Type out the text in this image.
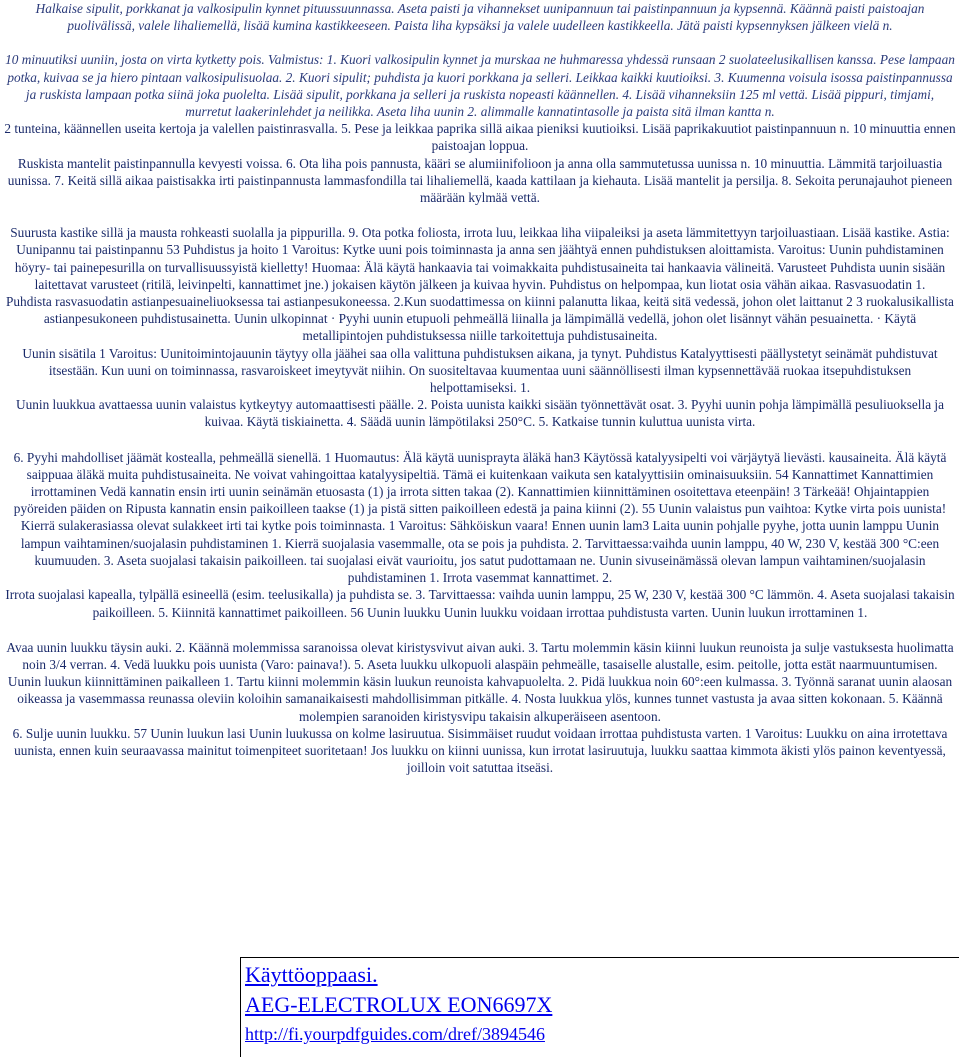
Halkaise sipulit, porkkanat ja valkosipulin kynnet pituussuunnassa. Aseta paisti ja vihannekset uunipannuun tai paistinpannuun ja kypsennä. Käännä paisti paistoajan puolivälissä, valele lihaliemellä, lisää kumina kastikkeeseen. Paista liha kypsäksi ja valele uudelleen kastikkeella. Jätä paisti kypsennyksen jälkeen vielä n.

10 minuutiksi uuniin, josta on virta kytketty pois. Valmistus: 1. Kuori valkosipulin kynnet ja murskaa ne huhmaressa yhdessä runsaan 2 suolateelusikallisen kanssa. Pese lampaan potka, kuivaa se ja hiero pintaan valkosipulisuolaa. 2. Kuori sipulit; puhdista ja kuori porkkana ja selleri. Leikkaa kaikki kuutioiksi. 3. Kuumenna voisula isossa paistinpannussa ja ruskista lampaan potka siinä joka puolelta. Lisää sipulit, porkkana ja selleri ja ruskista nopeasti käännellen. 4. Lisää vihanneksiin 125 ml vettä. Lisää pippuri, timjami, murretut laakerinlehdet ja neilikka. Aseta liha uunin 2. alimmalle kannatintasolle ja paista sitä ilman kantta n.

2 tunteina, käännellen useita kertoja ja valellen paistinrasvalla. 5. Pese ja leikkaa paprika sillä aikaa pieniksi kuutioiksi. Lisää paprikakuutiot paistinpannuun n. 10 minuuttia ennen paistoajan loppua.

Ruskista mantelit paistinpannulla kevyesti voissa. 6. Ota liha pois pannusta, kääri se alumiinifolioon ja anna olla sammutetussa uunissa n. 10 minuuttia. Lämmitä tarjoiluastia uunissa. 7. Keitä sillä aikaa paistisakka irti paistinpannusta lammasfondilla tai lihaliemellä, kaada kattilaan ja kiehauta. Lisää mantelit ja persilja. 8. Sekoita perunajauhot pieneen määrään kylmää vettä.

Suurusta kastike sillä ja mausta rohkeasti suolalla ja pippurilla. 9. Ota potka foliosta, irrota luu, leikkaa liha viipaleiksi ja aseta lämmitettyyn tarjoiluastiaan. Lisää kastike. Astia: Uunipannu tai paistinpannu 53 Puhdistus ja hoito 1 Varoitus: Kytke uuni pois toiminnasta ja anna sen jäähtyä ennen puhdistuksen aloittamista. Varoitus: Uunin puhdistaminen höyry- tai painepesurilla on turvallisuussyistä kielletty! Huomaa: Älä käytä hankaavia tai voimakkaita puhdistusaineita tai hankaavia välineitä. Varusteet Puhdista uunin sisään laitettavat varusteet (ritilä, leivinpelti, kannattimet jne.) jokaisen käytön jälkeen ja kuivaa hyvin. Puhdistus on helpompaa, kun liotat osia vähän aikaa. Rasvasuodatin 1.

Puhdista rasvasuodatin astianpesuaineliuoksessa tai astianpesukoneessa. 2.Kun suodattimessa on kiinni palanutta likaa, keitä sitä vedessä, johon olet laittanut 2 3 ruokalusikallista astianpesukoneen puhdistusainetta. Uunin ulkopinnat · Pyyhi uunin etupuoli pehmeällä liinalla ja lämpimällä vedellä, johon olet lisännyt vähän pesuainetta. · Käytä metallipintojen puhdistuksessa niille tarkoitettuja puhdistusaineita.

Uunin sisätila 1 Varoitus: Uunitoimintojauunin täytyy olla jäähei saa olla valittuna puhdistuksen aikana, ja tynyt. Puhdistus Katalyyttisesti päällystetyt seinämät puhdistuvat itsestään. Kun uuni on toiminnassa, rasvaroiskeet imeytyvät niihin. On suositeltavaa kuumentaa uuni säännöllisesti ilman kypsennettävää ruokaa itsepuhdistuksen helpottamiseksi. 1.

Uunin luukkua avattaessa uunin valaistus kytkeytyy automaattisesti päälle. 2. Poista uunista kaikki sisään työnnettävät osat. 3. Pyyhi uunin pohja lämpimällä pesuliuoksella ja kuivaa. Käytä tiskiainetta. 4. Säädä uunin lämpötilaksi 250°C. 5. Katkaise tunnin kuluttua uunista virta.

6. Pyyhi mahdolliset jäämät kostealla, pehmeällä sienellä. 1 Huomautus: Älä käytä uunisprayta äläkä han3 Käytössä katalyysipelti voi värjäytyä lievästi. kausaineita. Älä käytä saippuaa äläkä muita puhdistusaineita. Ne voivat vahingoittaa katalyysipeltiä. Tämä ei kuitenkaan vaikuta sen katalyyttisiin ominaisuuksiin. 54 Kannattimet Kannattimien irrottaminen Vedä kannatin ensin irti uunin seinämän etuosasta (1) ja irrota sitten takaa (2). Kannattimien kiinnittäminen osoitettava eteenpäin! 3 Tärkeää! Ohjaintappien pyöreiden päiden on Ripusta kannatin ensin paikoilleen taakse (1) ja pistä sitten paikoilleen edestä ja paina kiinni (2). 55 Uunin valaistus pun vaihtoa: Kytke virta pois uunista! Kierrä sulakerasiassa olevat sulakkeet irti tai kytke pois toiminnasta. 1 Varoitus: Sähköiskun vaara! Ennen uunin lam3 Laita uunin pohjalle pyyhe, jotta uunin lamppu Uunin lampun vaihtaminen/suojalasin puhdistaminen 1. Kierrä suojalasia vasemmalle, ota se pois ja puhdista. 2. Tarvittaessa:vaihda uunin lamppu, 40 W, 230 V, kestää 300 °C:een kuumuuden. 3. Aseta suojalasi takaisin paikoilleen. tai suojalasi eivät vaurioitu, jos satut pudottamaan ne. Uunin sivuseinämässä olevan lampun vaihtaminen/suojalasin puhdistaminen 1. Irrota vasemmat kannattimet. 2.

Irrota suojalasi kapealla, tylpällä esineellä (esim. teelusikalla) ja puhdista se. 3. Tarvittaessa: vaihda uunin lamppu, 25 W, 230 V, kestää 300 °C lämmön. 4. Aseta suojalasi takaisin paikoilleen. 5. Kiinnitä kannattimet paikoilleen. 56 Uunin luukku Uunin luukku voidaan irrottaa puhdistusta varten. Uunin luukun irrottaminen 1.

Avaa uunin luukku täysin auki. 2. Käännä molemmissa saranoissa olevat kiristysvivut aivan auki. 3. Tartu molemmin käsin kiinni luukun reunoista ja sulje vastuksesta huolimatta noin 3/4 verran. 4. Vedä luukku pois uunista (Varo: painava!). 5. Aseta luukku ulkopuoli alaspäin pehmeälle, tasaiselle alustalle, esim. peitolle, jotta estät naarmuuntumisen.

Uunin luukun kiinnittäminen paikalleen 1. Tartu kiinni molemmin käsin luukun reunoista kahvapuolelta. 2. Pidä luukkua noin 60°:een kulmassa. 3. Työnnä saranat uunin alaosan oikeassa ja vasemmassa reunassa oleviin koloihin samanaikaisesti mahdollisimman pitkälle. 4. Nosta luukkua ylös, kunnes tunnet vastusta ja avaa sitten kokonaan. 5. Käännä molempien saranoiden kiristysvipu takaisin alkuperäiseen asentoon.

6. Sulje uunin luukku. 57 Uunin luukun lasi Uunin luukussa on kolme lasiruutua. Sisimmäiset ruudut voidaan irrottaa puhdistusta varten. 1 Varoitus: Luukku on aina irrotettava uunista, ennen kuin seuraavassa mainitut toimenpiteet suoritetaan! Jos luukku on kiinni uunissa, kun irrotat lasiruutuja, luukku saattaa kimmota äkisti ylös painon keventyessä, joilloin voit satuttaa itseäsi.

Käyttöoppaasi.
AEG-ELECTROLUX EON6697X
http://fi.yourpdfguides.com/dref/3894546
